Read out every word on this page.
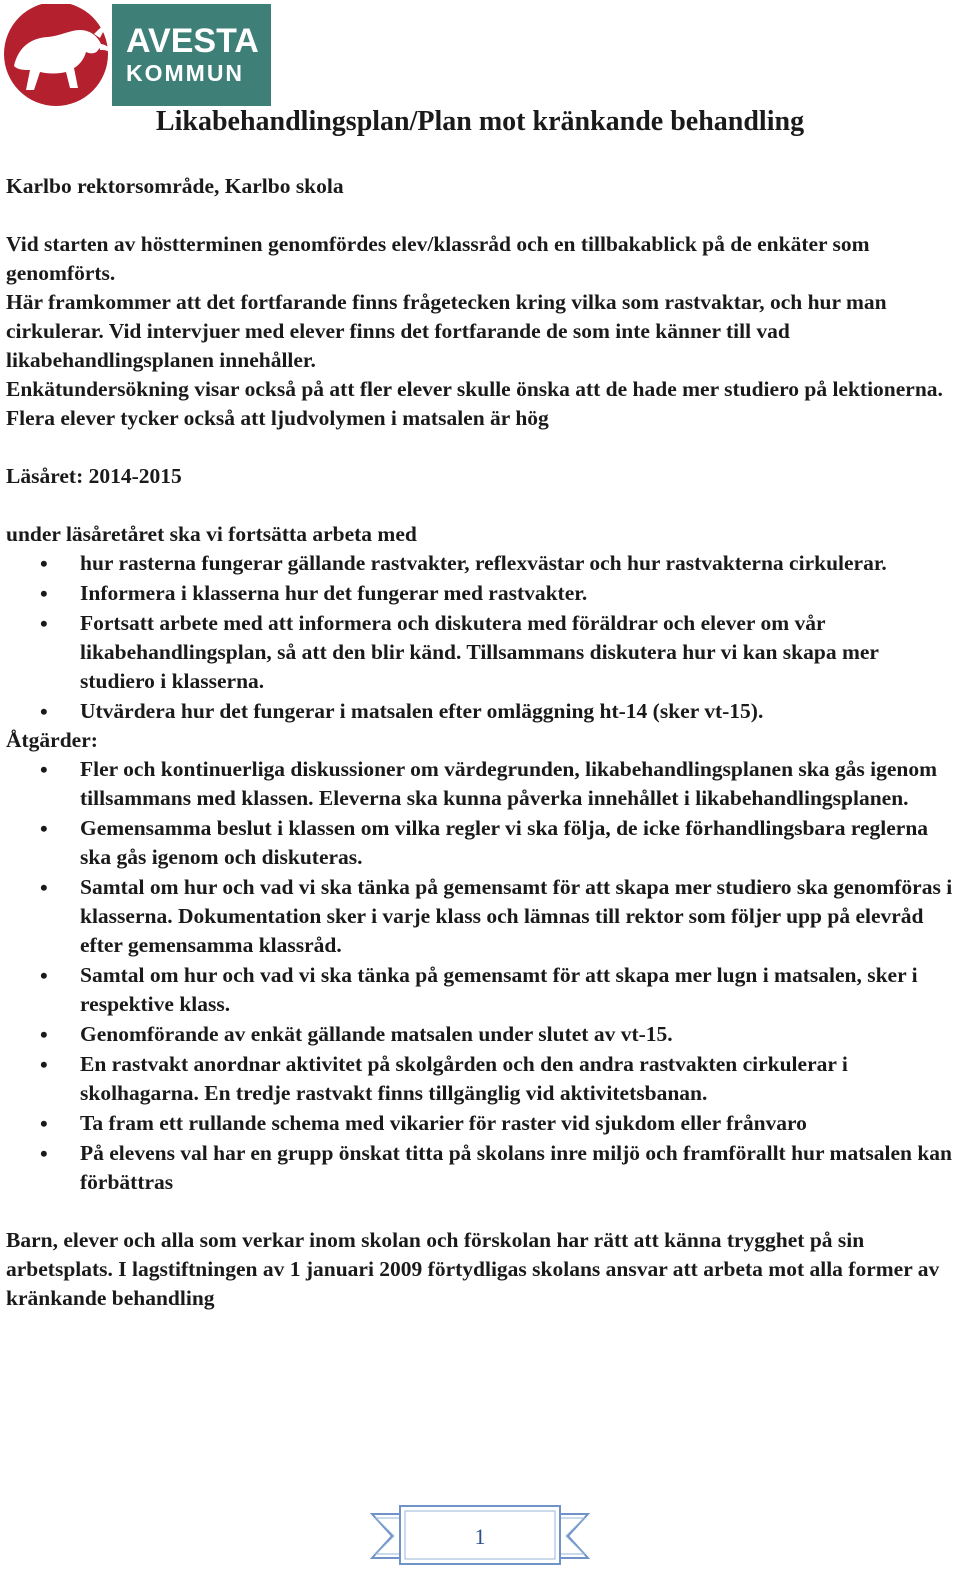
AVESTA
KOMMUN
Likabehandlingsplan/Plan mot kränkande behandling

Karlbo rektorsområde, Karlbo skola

Vid starten av höstterminen genomfördes elev/klassråd och en tillbakablick på de enkäter som genomförts.

Här framkommer att det fortfarande finns frågetecken kring vilka som rastvaktar, och hur man cirkulerar. Vid intervjuer med elever finns det fortfarande de som inte känner till vad likabehandlingsplanen innehåller.

Enkätundersökning visar också på att fler elever skulle önska att de hade mer studiero på lektionerna.

Flera elever tycker också att ljudvolymen i matsalen är hög

Läsåret: 2014-2015

under läsåretåret ska vi fortsätta arbeta med

• hur rasterna fungerar gällande rastvakter, reflexvästar och hur rastvakterna cirkulerar.
• Informera i klasserna hur det fungerar med rastvakter.
• Fortsatt arbete med att informera och diskutera med föräldrar och elever om vår likabehandlingsplan, så att den blir känd. Tillsammans diskutera hur vi kan skapa mer studiero i klasserna.
• Utvärdera hur det fungerar i matsalen efter omläggning ht-14 (sker vt-15).

Åtgärder:

• Fler och kontinuerliga diskussioner om värdegrunden, likabehandlingsplanen ska gås igenom tillsammans med klassen. Eleverna ska kunna påverka innehållet i likabehandlingsplanen.
• Gemensamma beslut i klassen om vilka regler vi ska följa, de icke förhandlingsbara reglerna ska gås igenom och diskuteras.
• Samtal om hur och vad vi ska tänka på gemensamt för att skapa mer studiero ska genomföras i klasserna. Dokumentation sker i varje klass och lämnas till rektor som följer upp på elevråd efter gemensamma klassråd.
• Samtal om hur och vad vi ska tänka på gemensamt för att skapa mer lugn i matsalen, sker i respektive klass.
• Genomförande av enkät gällande matsalen under slutet av vt-15.
• En rastvakt anordnar aktivitet på skolgården och den andra rastvakten cirkulerar i skolhagarna. En tredje rastvakt finns tillgänglig vid aktivitetsbanan.
• Ta fram ett rullande schema med vikarier för raster vid sjukdom eller frånvaro
• På elevens val har en grupp önskat titta på skolans inre miljö och framförallt hur matsalen kan förbättras

Barn, elever och alla som verkar inom skolan och förskolan har rätt att känna trygghet på sin arbetsplats. I lagstiftningen av 1 januari 2009 förtydligas skolans ansvar att arbeta mot alla former av kränkande behandling

1
